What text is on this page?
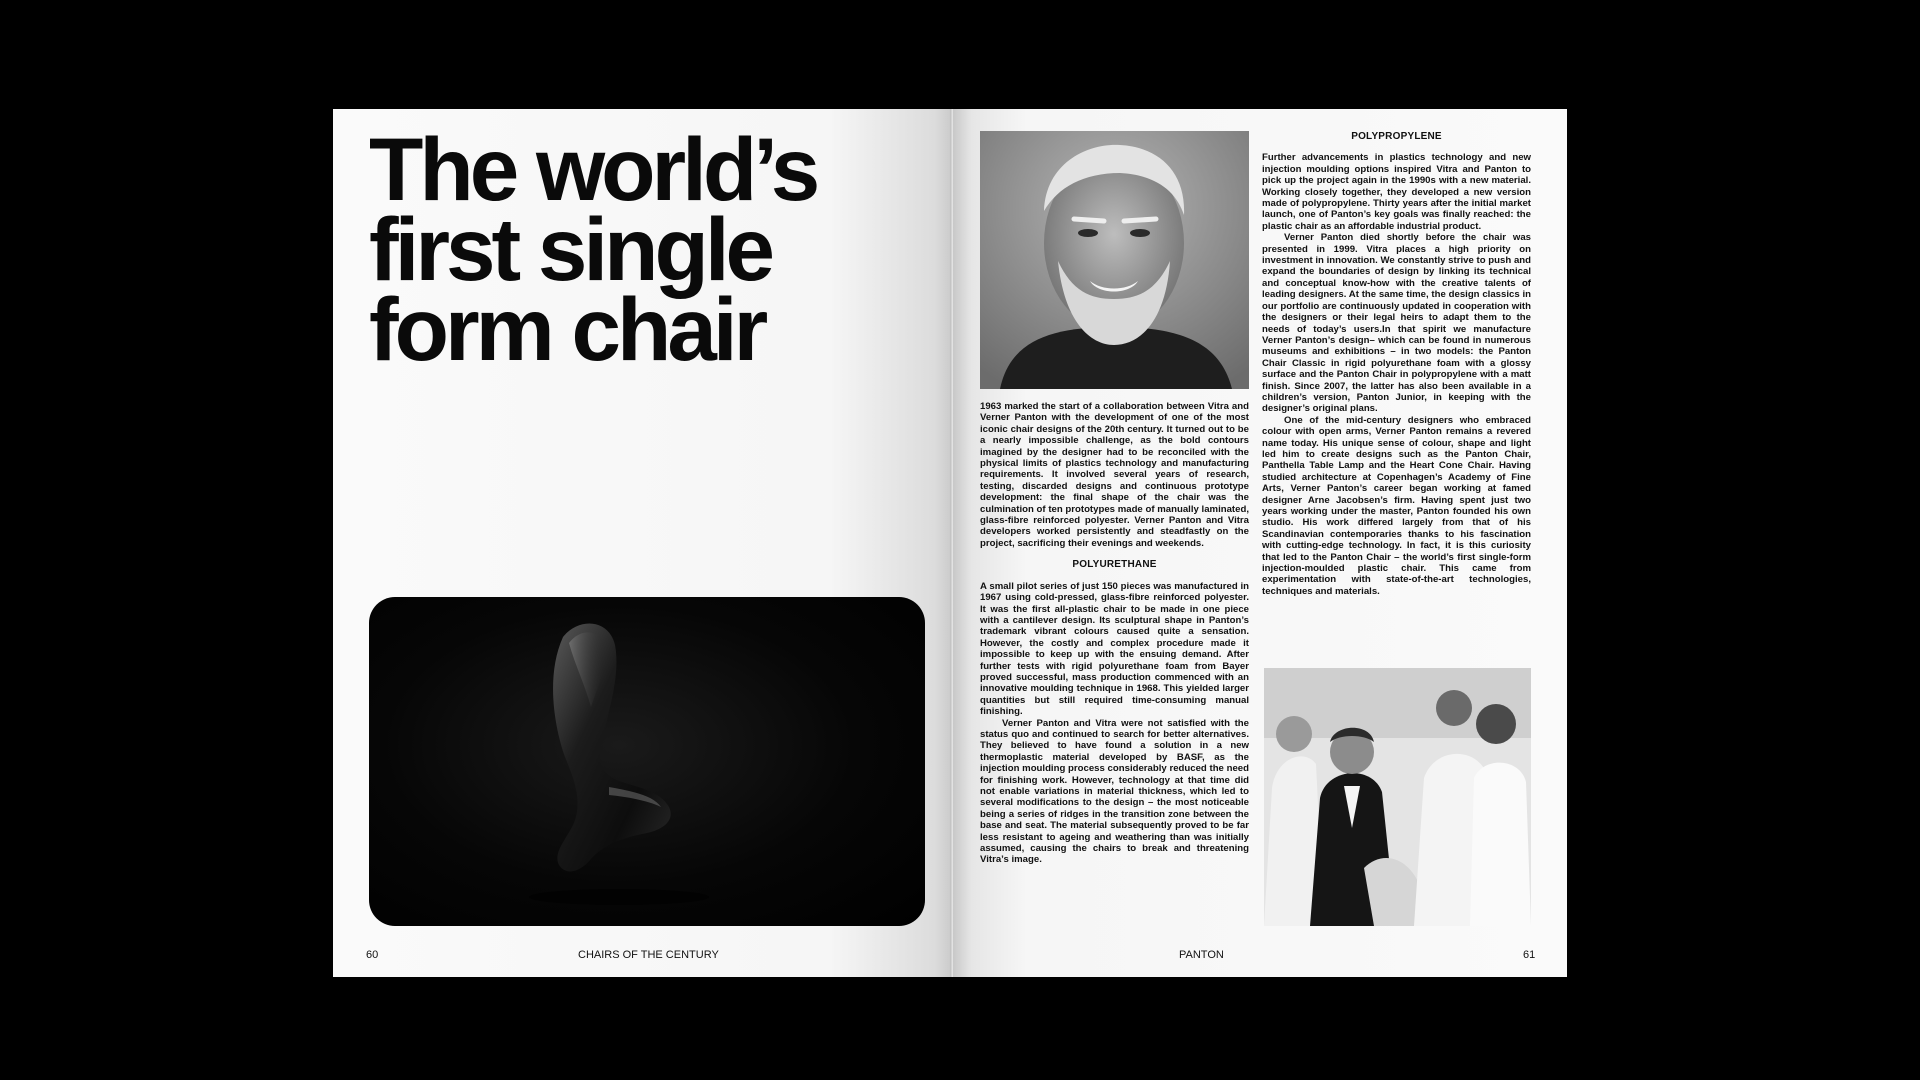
The world’s
first single
form chair
60	CHAIRS OF THE CENTURY

1963 marked the start of a collaboration between Vitra and Verner Panton with the development of one of the most iconic chair designs of the 20th century. It turned out to be a nearly impossible challenge, as the bold contours imagined by the designer had to be reconciled with the physical limits of plastics technology and manufacturing requirements. It involved several years of research, testing, discarded designs and continuous prototype development: the final shape of the chair was the culmination of ten prototypes made of manually laminated, glass-fibre reinforced polyester. Verner Panton and Vitra developers worked persistently and steadfastly on the project, sacrificing their evenings and weekends.

POLYURETHANE

A small pilot series of just 150 pieces was manufactured in 1967 using cold-pressed, glass-fibre reinforced polyester. It was the first all-plastic chair to be made in one piece with a cantilever design. Its sculptural shape in Panton’s trademark vibrant colours caused quite a sensation. However, the costly and complex procedure made it impossible to keep up with the ensuing demand. After further tests with rigid polyurethane foam from Bayer proved successful, mass production commenced with an innovative moulding technique in 1968. This yielded larger quantities but still required time-consuming manual finishing.

Verner Panton and Vitra were not satisfied with the status quo and continued to search for better alternatives. They believed to have found a solution in a new thermoplastic material developed by BASF, as the injection moulding process considerably reduced the need for finishing work. However, technology at that time did not enable variations in material thickness, which led to several modifications to the design – the most noticeable being a series of ridges in the transition zone between the base and seat. The material subsequently proved to be far less resistant to ageing and weathering than was initially assumed, causing the chairs to break and threatening Vitra’s image.

POLYPROPYLENE

Further advancements in plastics technology and new injection moulding options inspired Vitra and Panton to pick up the project again in the 1990s with a new material. Working closely together, they developed a new version made of polypropylene. Thirty years after the initial market launch, one of Panton’s key goals was finally reached: the plastic chair as an affordable industrial product.

Verner Panton died shortly before the chair was presented in 1999. Vitra places a high priority on investment in innovation. We constantly strive to push and expand the boundaries of design by linking its technical and conceptual know-how with the creative talents of leading designers. At the same time, the design classics in our portfolio are continuously updated in cooperation with the designers or their legal heirs to adapt them to the needs of today’s users.In that spirit we manufacture Verner Panton’s design– which can be found in numerous museums and exhibitions – in two models: the Panton Chair Classic in rigid polyurethane foam with a glossy surface and the Panton Chair in polypropylene with a matt finish. Since 2007, the latter has also been available in a children’s version, Panton Junior, in keeping with the designer’s original plans.

One of the mid-century designers who embraced colour with open arms, Verner Panton remains a revered name today. His unique sense of colour, shape and light led him to create designs such as the Panton Chair, Panthella Table Lamp and the Heart Cone Chair. Having studied architecture at Copenhagen’s Academy of Fine Arts, Verner Panton’s career began working at famed designer Arne Jacobsen’s firm. Having spent just two years working under the master, Panton founded his own studio. His work differed largely from that of his Scandinavian contemporaries thanks to his fascination with cutting-edge technology. In fact, it is this curiosity that led to the Panton Chair – the world’s first single-form injection-moulded plastic chair. This came from experimentation with state-of-the-art technologies, techniques and materials.

PANTON	61
